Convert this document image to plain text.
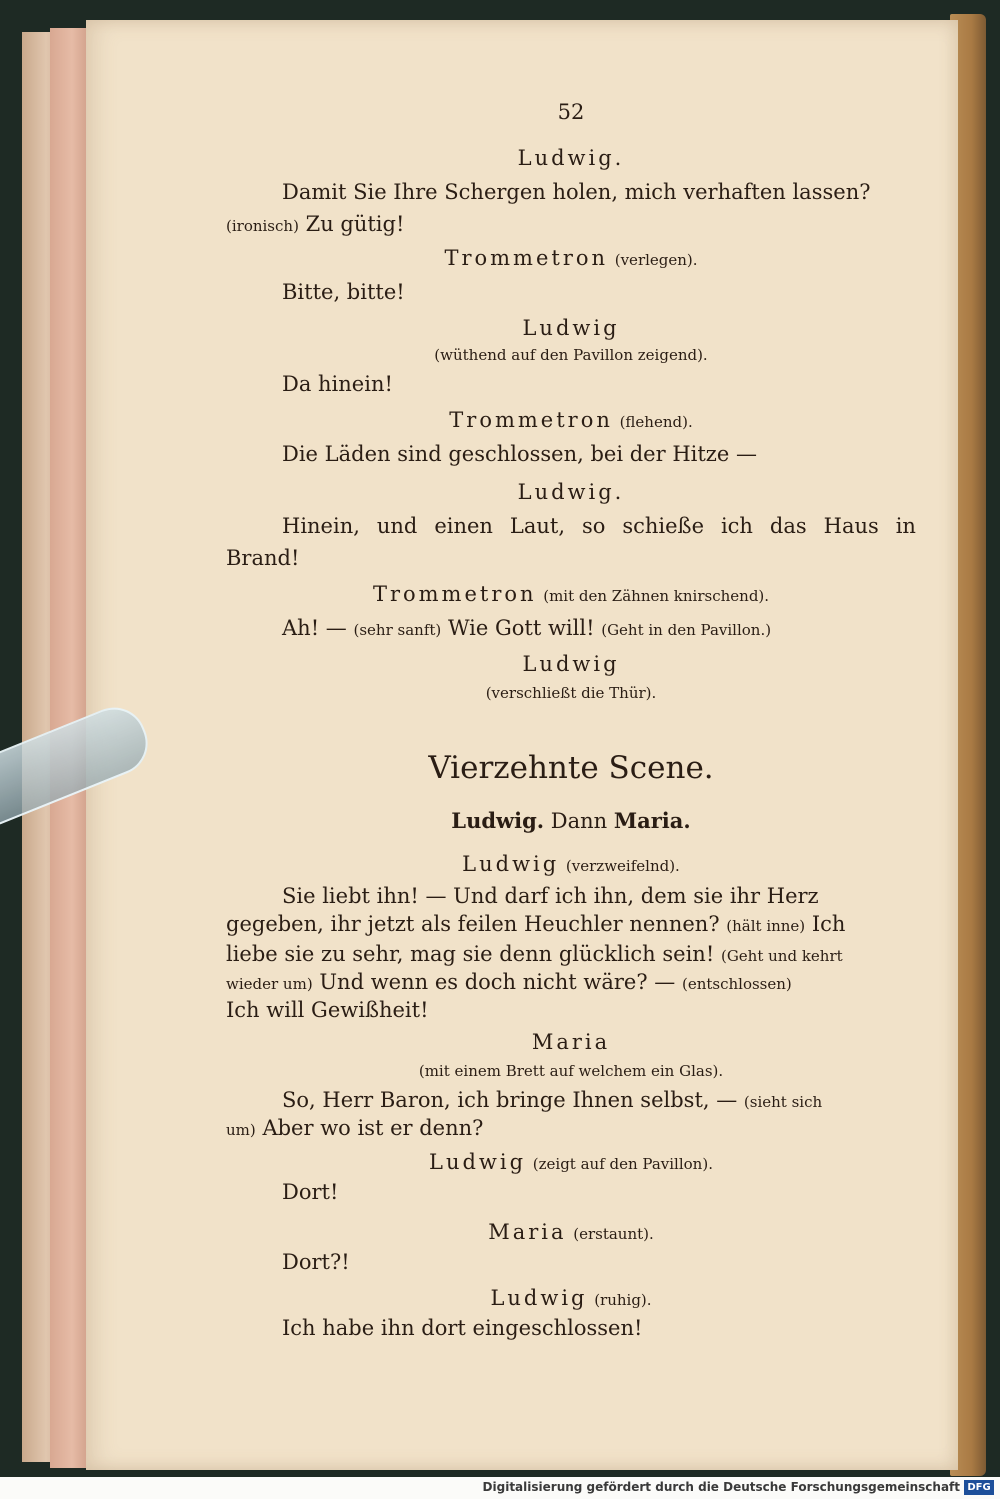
52
Ludwig.
Damit Sie Ihre Schergen holen, mich verhaften lassen?
(ironisch) Zu gütig!
Trommetron (verlegen).
Bitte, bitte!
Ludwig
(wüthend auf den Pavillon zeigend).
Da hinein!
Trommetron (flehend).
Die Läden sind geschlossen, bei der Hitze —
Ludwig.
Hinein, und einen Laut, so schieße ich das Haus in
Brand!
Trommetron (mit den Zähnen knirschend).
Ah! — (sehr sanft) Wie Gott will! (Geht in den Pavillon.)
Ludwig
(verschließt die Thür).
Vierzehnte Scene.
Ludwig. Dann Maria.
Ludwig (verzweifelnd).
Sie liebt ihn! — Und darf ich ihn, dem sie ihr Herz
gegeben, ihr jetzt als feilen Heuchler nennen? (hält inne) Ich
liebe sie zu sehr, mag sie denn glücklich sein! (Geht und kehrt
wieder um) Und wenn es doch nicht wäre? — (entschlossen)
Ich will Gewißheit!
Maria
(mit einem Brett auf welchem ein Glas).
So, Herr Baron, ich bringe Ihnen selbst, — (sieht sich
um) Aber wo ist er denn?
Ludwig (zeigt auf den Pavillon).
Dort!
Maria (erstaunt).
Dort?!
Ludwig (ruhig).
Ich habe ihn dort eingeschlossen!
Digitalisierung gefördert durch die Deutsche Forschungsgemeinschaft DFG
